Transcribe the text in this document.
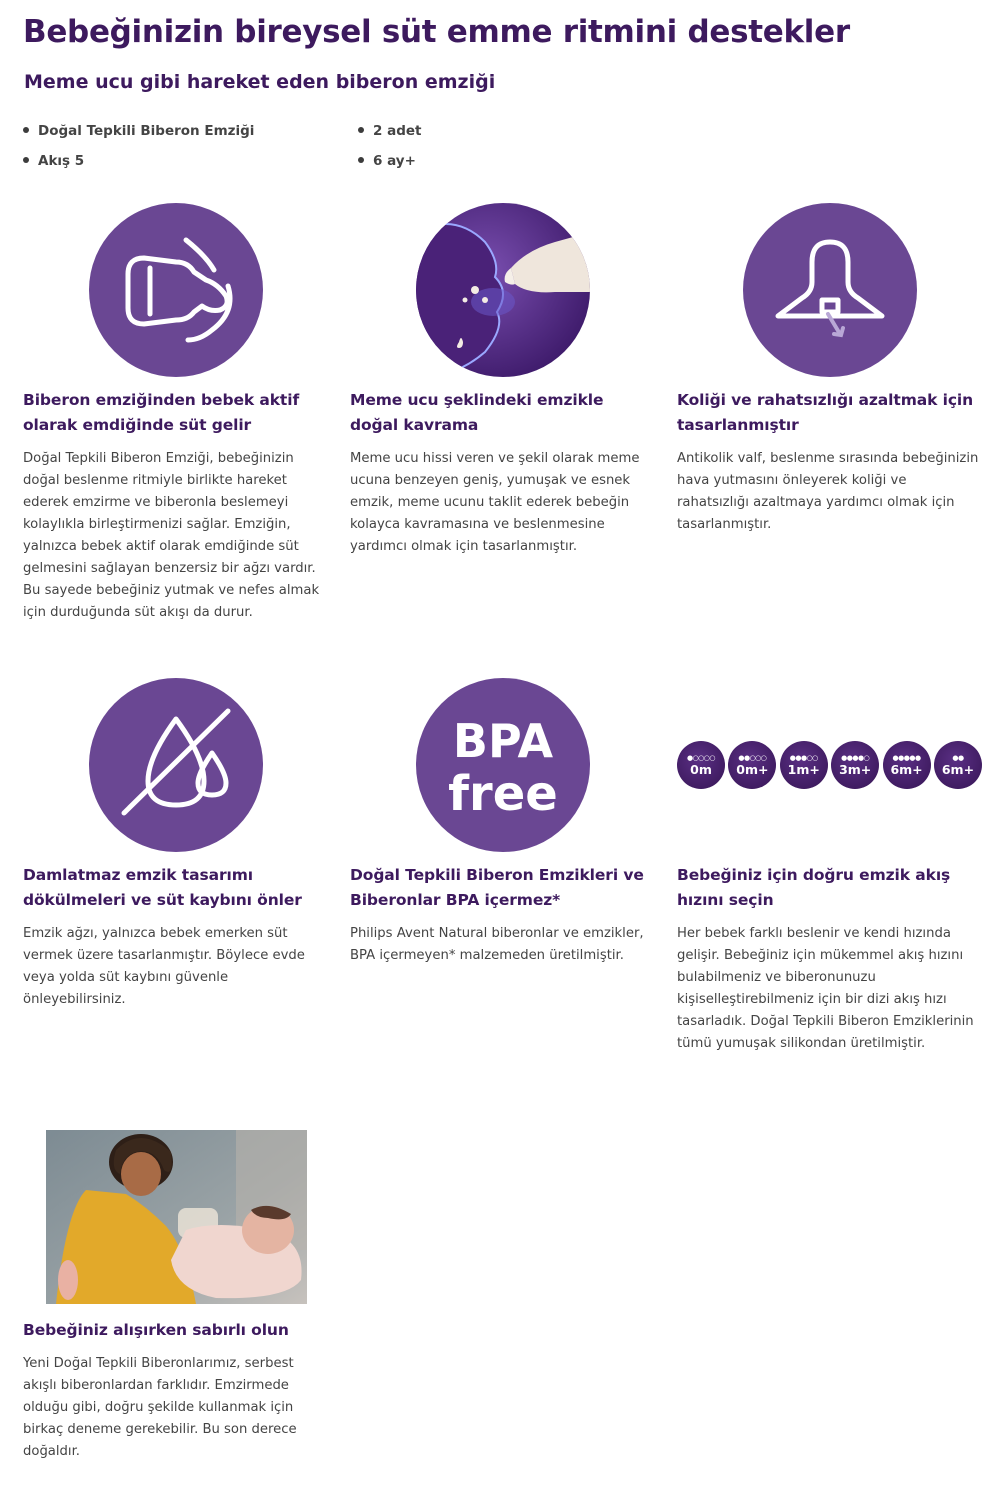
Bebeğinizin bireysel süt emme ritmini destekler
Meme ucu gibi hareket eden biberon emziği
Doğal Tepkili Biberon Emziği	2 adet
Akış 5	6 ay+
Biberon emziğinden bebek aktif olarak emdiğinde süt gelir

Doğal Tepkili Biberon Emziği, bebeğinizin doğal beslenme ritmiyle birlikte hareket ederek emzirme ve biberonla beslemeyi kolaylıkla birleştirmenizi sağlar. Emziğin, yalnızca bebek aktif olarak emdiğinde süt gelmesini sağlayan benzersiz bir ağzı vardır. Bu sayede bebeğiniz yutmak ve nefes almak için durduğunda süt akışı da durur.

Meme ucu şeklindeki emzikle doğal kavrama

Meme ucu hissi veren ve şekil olarak meme ucuna benzeyen geniş, yumuşak ve esnek emzik, meme ucunu taklit ederek bebeğin kolayca kavramasına ve beslenmesine yardımcı olmak için tasarlanmıştır.

Koliği ve rahatsızlığı azaltmak için tasarlanmıştır

Antikolik valf, beslenme sırasında bebeğinizin hava yutmasını önleyerek koliği ve rahatsızlığı azaltmaya yardımcı olmak için tasarlanmıştır.

Damlatmaz emzik tasarımı dökülmeleri ve süt kaybını önler

Emzik ağzı, yalnızca bebek emerken süt vermek üzere tasarlanmıştır. Böylece evde veya yolda süt kaybını güvenle önleyebilirsiniz.

BPA
free
Doğal Tepkili Biberon Emzikleri ve Biberonlar BPA içermez*

Philips Avent Natural biberonlar ve emzikler, BPA içermeyen* malzemeden üretilmiştir.

●○○○○
0m
●●○○○
0m+
●●●○○
1m+
●●●●○
3m+
●●●●●
6m+
●●
6m+
Bebeğiniz için doğru emzik akış hızını seçin

Her bebek farklı beslenir ve kendi hızında gelişir. Bebeğiniz için mükemmel akış hızını bulabilmeniz ve biberonunuzu kişiselleştirebilmeniz için bir dizi akış hızı tasarladık. Doğal Tepkili Biberon Emziklerinin tümü yumuşak silikondan üretilmiştir.

Bebeğiniz alışırken sabırlı olun

Yeni Doğal Tepkili Biberonlarımız, serbest akışlı biberonlardan farklıdır. Emzirmede olduğu gibi, doğru şekilde kullanmak için birkaç deneme gerekebilir. Bu son derece doğaldır.
